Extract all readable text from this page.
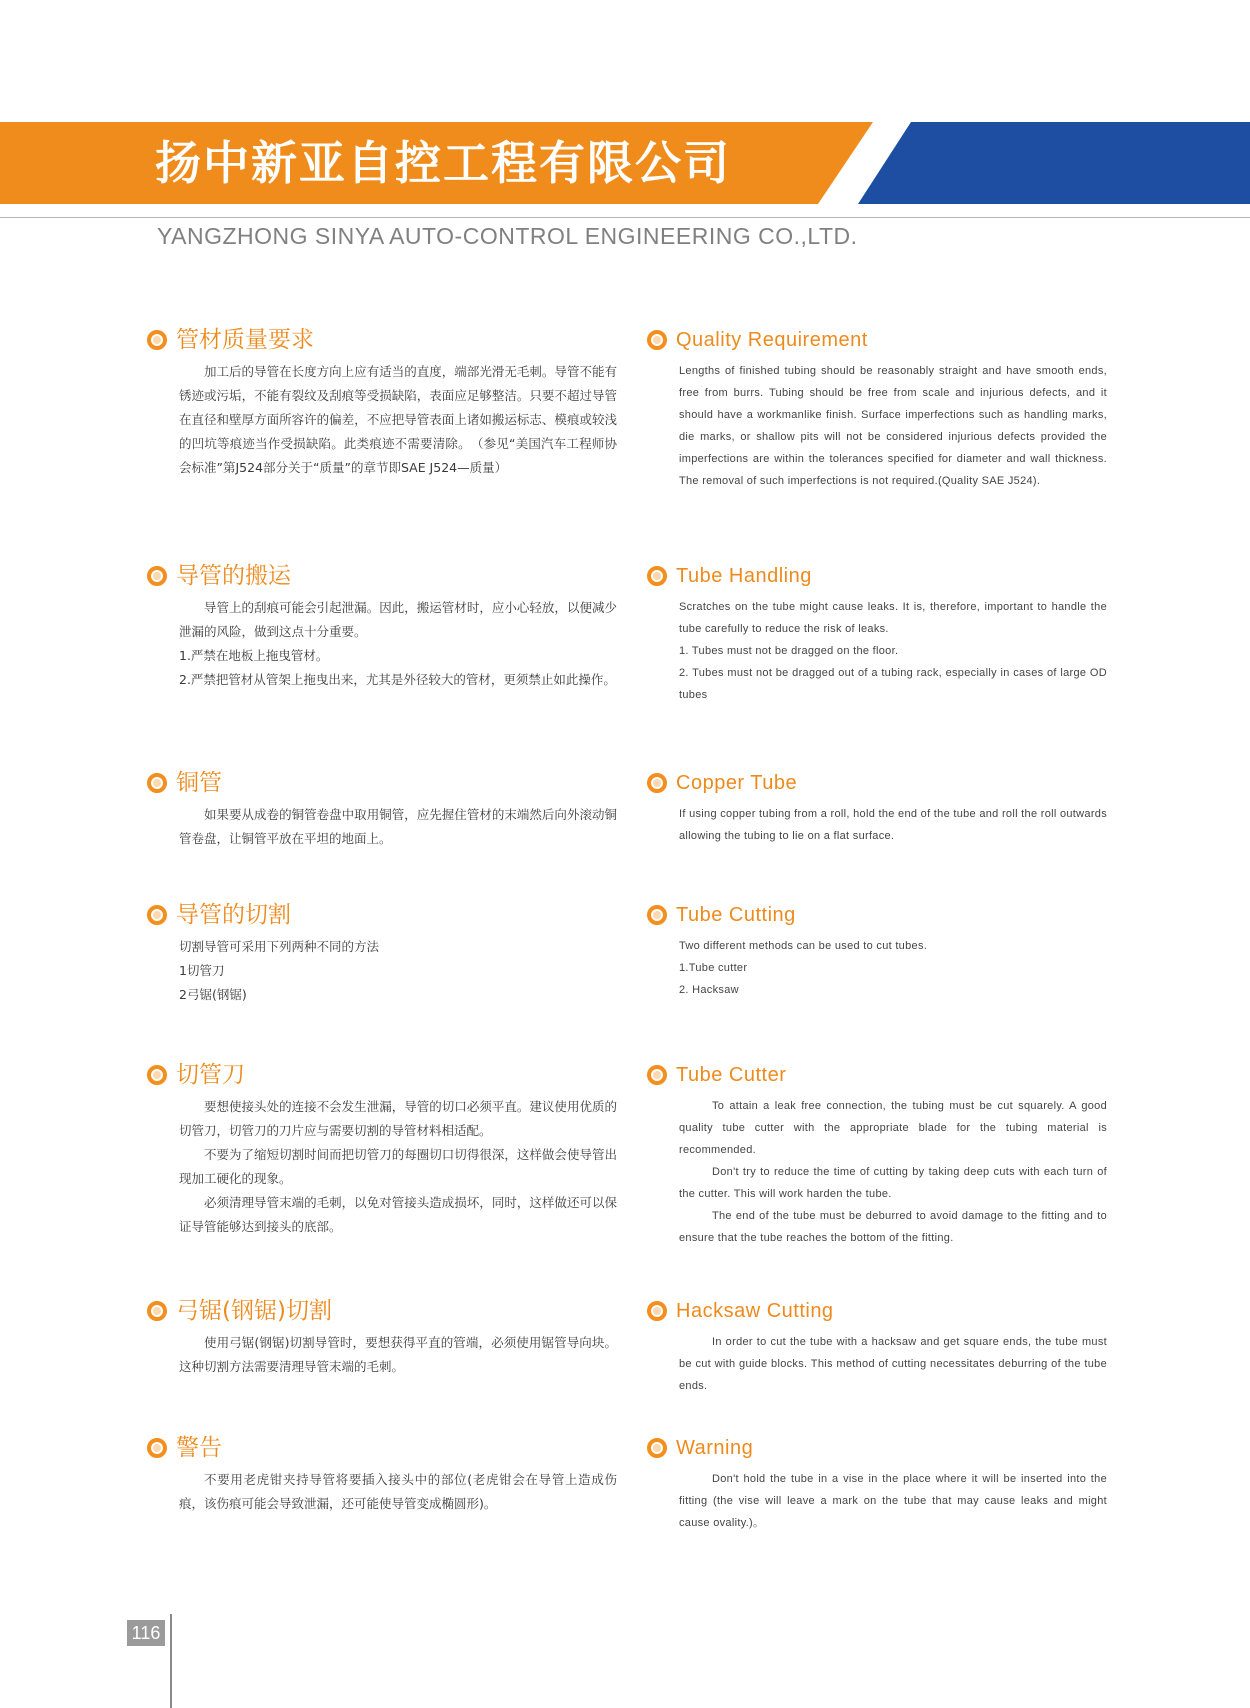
扬中新亚自控工程有限公司
YANGZHONG SINYA AUTO-CONTROL ENGINEERING CO.,LTD.
管材质量要求
加工后的导管在长度方向上应有适当的直度，端部光滑无毛刺。导管不能有锈迹或污垢，不能有裂纹及刮痕等受损缺陷，表面应足够整洁。只要不超过导管在直径和壁厚方面所容许的偏差，不应把导管表面上诸如搬运标志、模痕或较浅的凹坑等痕迹当作受损缺陷。此类痕迹不需要清除。　（参见“美国汽车工程师协会标准”第J524部分关于“质量”的章节即SAE J524—质量）
导管的搬运
导管上的刮痕可能会引起泄漏。因此，搬运管材时，应小心轻放，以便减少泄漏的风险，做到这点十分重要。
1.严禁在地板上拖曳管材。
2.严禁把管材从管架上拖曳出来，尤其是外径较大的管材，更须禁止如此操作。
铜管
如果要从成卷的铜管卷盘中取用铜管，应先握住管材的末端然后向外滚动铜管卷盘，让铜管平放在平坦的地面上。
导管的切割
切割导管可采用下列两种不同的方法
1切管刀
2弓锯(钢锯)
切管刀
要想使接头处的连接不会发生泄漏，导管的切口必须平直。建议使用优质的切管刀，切管刀的刀片应与需要切割的导管材料相适配。
不要为了缩短切割时间而把切管刀的每圈切口切得很深，这样做会使导管出现加工硬化的现象。
必须清理导管末端的毛刺，以免对管接头造成损坏，同时，这样做还可以保证导管能够达到接头的底部。
弓锯(钢锯)切割
使用弓锯(钢锯)切割导管时，要想获得平直的管端，必须使用锯管导向块。这种切割方法需要清理导管末端的毛刺。
警告
不要用老虎钳夹持导管将要插入接头中的部位(老虎钳会在导管上造成伤痕，该伤痕可能会导致泄漏，还可能使导管变成椭圆形)。
Quality Requirement
Lengths of finished tubing should be reasonably straight and have smooth ends, free from burrs. Tubing should be free from scale and injurious defects, and it should have a workmanlike finish. Surface imperfections such as handling marks, die marks, or shallow pits will not be considered injurious defects provided the imperfections are within the tolerances specified for diameter and wall thickness. The removal of such imperfections is not required.(Quality SAE J524).
Tube Handling
Scratches on the tube might cause leaks. It is, therefore, important to handle the tube carefully to reduce the risk of leaks.
1. Tubes must not be dragged on the floor.
2. Tubes must not be dragged out of a tubing rack, especially in cases of large OD tubes
Copper Tube
If using copper tubing from a roll, hold the end of the tube and roll the roll outwards allowing the tubing to lie on a flat surface.
Tube Cutting
Two different methods can be used to cut tubes.
1.Tube cutter
2. Hacksaw
Tube Cutter
To attain a leak free connection, the tubing must be cut squarely. A good quality tube cutter with the appropriate blade for the tubing material is recommended.
Don't try to reduce the time of cutting by taking deep cuts with each turn of the cutter. This will work harden the tube.
The end of the tube must be deburred to avoid damage to the fitting and to ensure that the tube reaches the bottom of the fitting.
Hacksaw Cutting
In order to cut the tube with a hacksaw and get square ends, the tube must be cut with guide blocks. This method of cutting necessitates deburring of the tube ends.
Warning
Don't hold the tube in a vise in the place where it will be inserted into the fitting (the vise will leave a mark on the tube that may cause leaks and might cause ovality.)。
116
